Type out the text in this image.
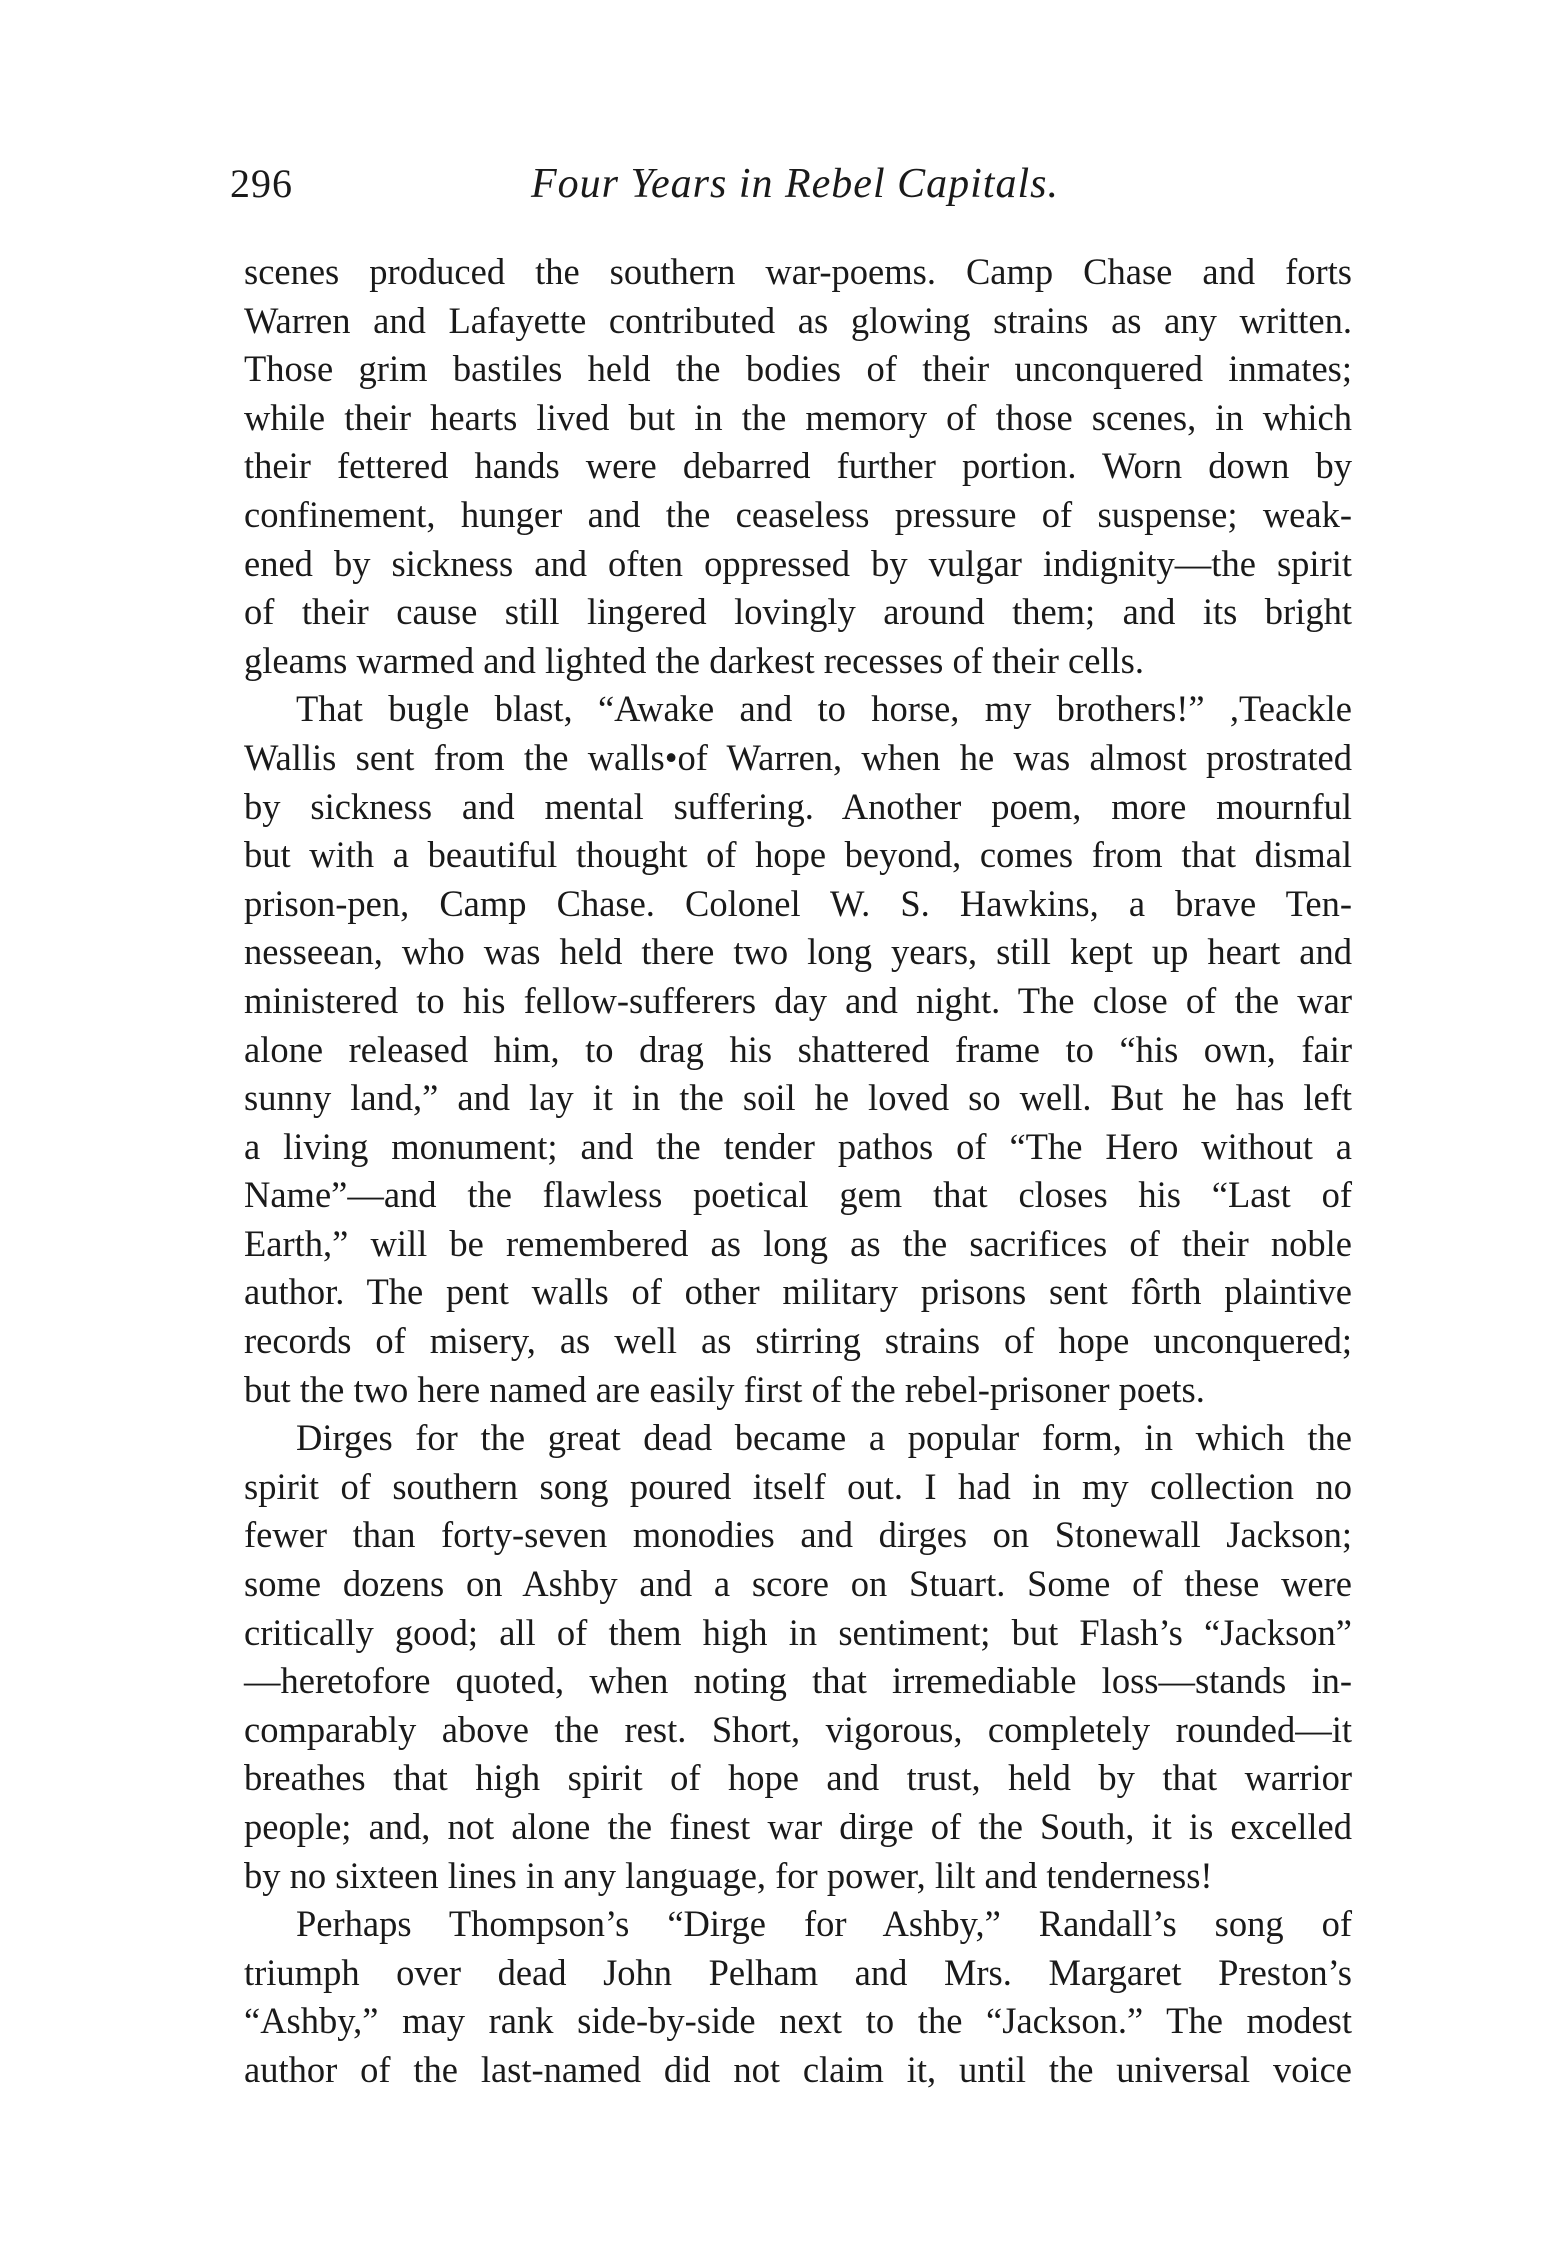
296	Four Years in Rebel Capitals.
scenes produced the southern war-poems. Camp Chase and forts
Warren and Lafayette contributed as glowing strains as any written.
Those grim bastiles held the bodies of their unconquered inmates;
while their hearts lived but in the memory of those scenes, in which
their fettered hands were debarred further portion. Worn down by
confinement, hunger and the ceaseless pressure of suspense; weak-
ened by sickness and often oppressed by vulgar indignity—the spirit
of their cause still lingered lovingly around them; and its bright
gleams warmed and lighted the darkest recesses of their cells.
That bugle blast, “Awake and to horse, my brothers!” ,Teackle
Wallis sent from the walls•of Warren, when he was almost prostrated
by sickness and mental suffering. Another poem, more mournful
but with a beautiful thought of hope beyond, comes from that dismal
prison-pen, Camp Chase. Colonel W. S. Hawkins, a brave Ten-
nesseean, who was held there two long years, still kept up heart and
ministered to his fellow-sufferers day and night. The close of the war
alone released him, to drag his shattered frame to “his own, fair
sunny land,” and lay it in the soil he loved so well. But he has left
a living monument; and the tender pathos of “The Hero without a
Name”—and the flawless poetical gem that closes his “Last of
Earth,” will be remembered as long as the sacrifices of their noble
author. The pent walls of other military prisons sent fôrth plaintive
records of misery, as well as stirring strains of hope unconquered;
but the two here named are easily first of the rebel-prisoner poets.
Dirges for the great dead became a popular form, in which the
spirit of southern song poured itself out. I had in my collection no
fewer than forty-seven monodies and dirges on Stonewall Jackson;
some dozens on Ashby and a score on Stuart. Some of these were
critically good; all of them high in sentiment; but Flash’s “Jackson”
—heretofore quoted, when noting that irremediable loss—stands in-
comparably above the rest. Short, vigorous, completely rounded—it
breathes that high spirit of hope and trust, held by that warrior
people; and, not alone the finest war dirge of the South, it is excelled
by no sixteen lines in any language, for power, lilt and tenderness!
Perhaps Thompson’s “Dirge for Ashby,” Randall’s song of
triumph over dead John Pelham and Mrs. Margaret Preston’s
“Ashby,” may rank side-by-side next to the “Jackson.” The modest
author of the last-named did not claim it, until the universal voice
